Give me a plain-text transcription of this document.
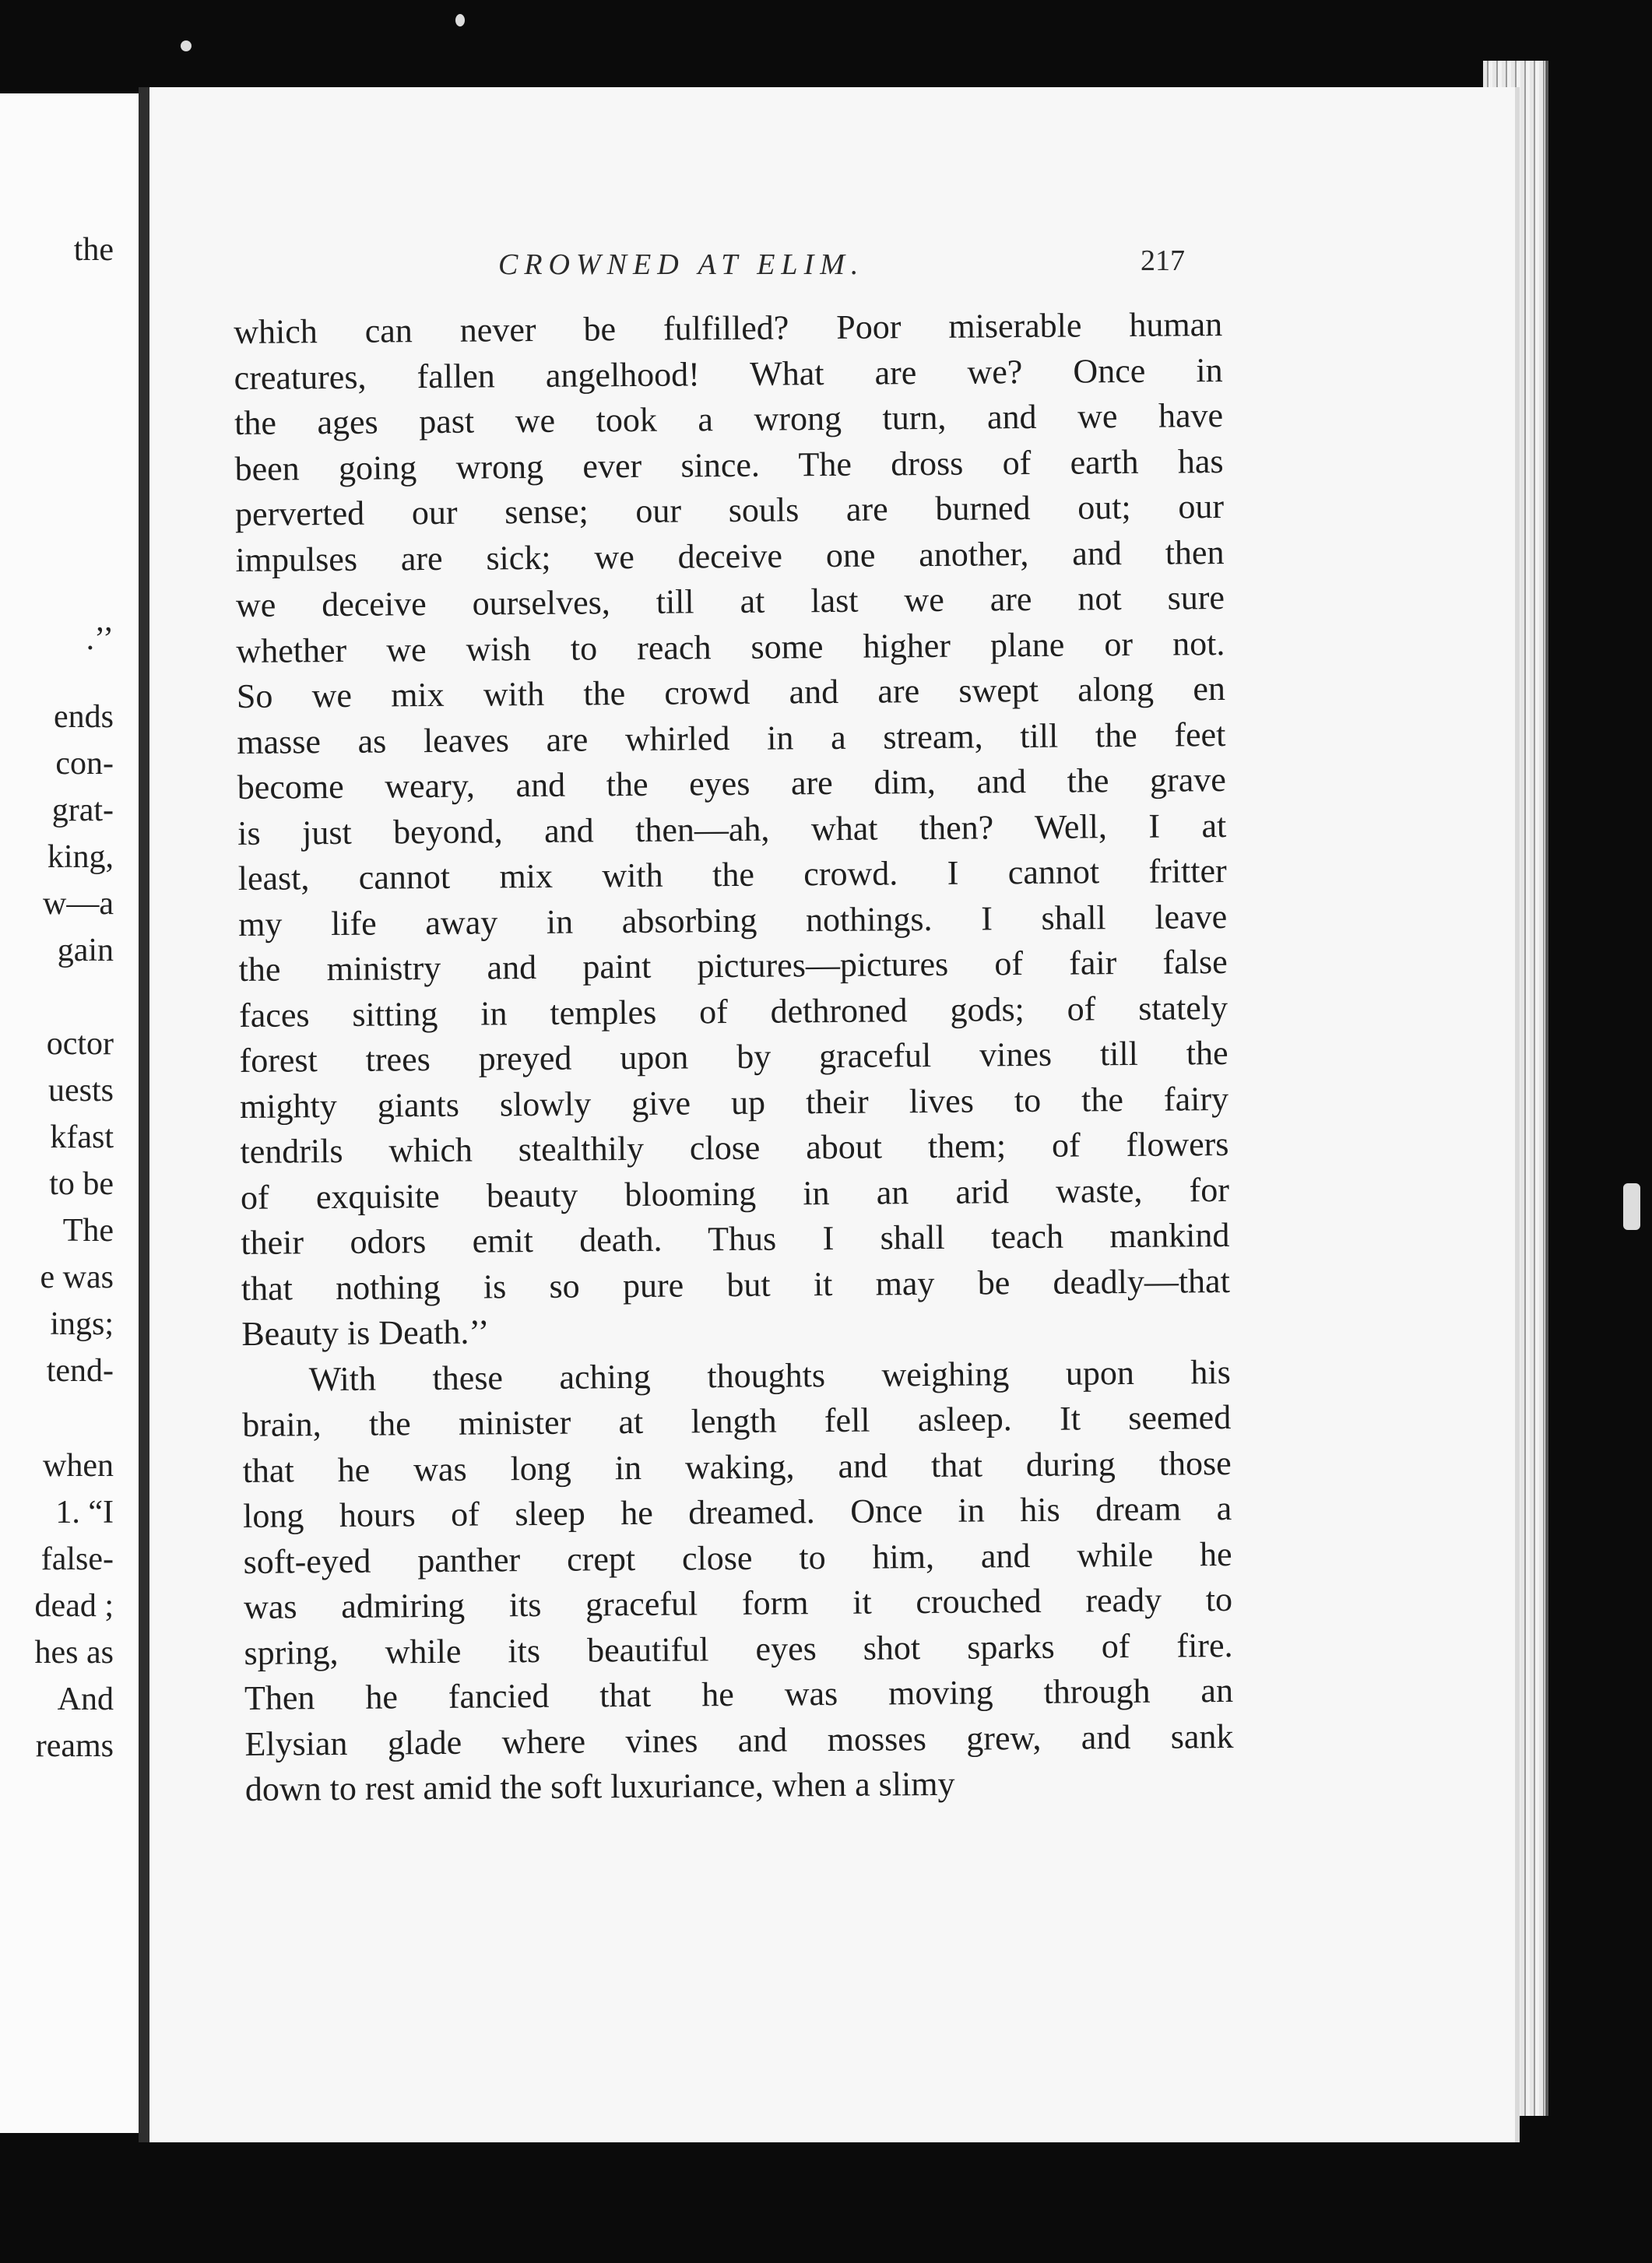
the
.’’
ends
con-
grat-
king,
w—a
gain
octor
uests
kfast
to be
The
e was
ings;
tend-
when
1. “I
false-
dead ;
hes as
And
reams
CROWNED AT ELIM.	217
which can never be fulfilled? Poor miserable human
creatures, fallen angelhood! What are we? Once in
the ages past we took a wrong turn, and we have
been going wrong ever since. The dross of earth has
perverted our sense; our souls are burned out; our
impulses are sick; we deceive one another, and then
we deceive ourselves, till at last we are not sure
whether we wish to reach some higher plane or not.
So we mix with the crowd and are swept along en
masse as leaves are whirled in a stream, till the feet
become weary, and the eyes are dim, and the grave
is just beyond, and then—ah, what then? Well, I at
least, cannot mix with the crowd. I cannot fritter
my life away in absorbing nothings. I shall leave
the ministry and paint pictures—pictures of fair false
faces sitting in temples of dethroned gods; of stately
forest trees preyed upon by graceful vines till the
mighty giants slowly give up their lives to the fairy
tendrils which stealthily close about them; of flowers
of exquisite beauty blooming in an arid waste, for
their odors emit death. Thus I shall teach mankind
that nothing is so pure but it may be deadly—that
Beauty is Death.’’
With these aching thoughts weighing upon his
brain, the minister at length fell asleep. It seemed
that he was long in waking, and that during those
long hours of sleep he dreamed. Once in his dream a
soft-eyed panther crept close to him, and while he
was admiring its graceful form it crouched ready to
spring, while its beautiful eyes shot sparks of fire.
Then he fancied that he was moving through an
Elysian glade where vines and mosses grew, and sank
down to rest amid the soft luxuriance, when a slimy
